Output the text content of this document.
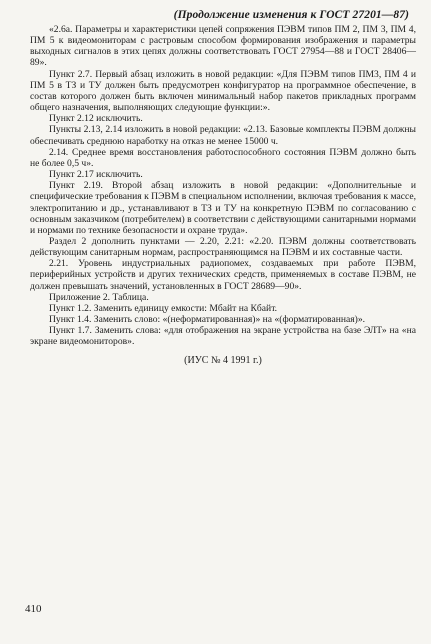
(Продолжение изменения к ГОСТ 27201—87)

«2.6а. Параметры и характеристики цепей сопряжения ПЭВМ типов ПМ 2, ПМ 3, ПМ 4, ПМ 5 к видеомониторам с растровым способом формирования изображения и параметры выходных сигналов в этих цепях должны соответствовать ГОСТ 27954—88 и ГОСТ 28406—89».

Пункт 2.7. Первый абзац изложить в новой редакции: «Для ПЭВМ типов ПМ3, ПМ 4 и ПМ 5 в ТЗ и ТУ должен быть предусмотрен конфигуратор на программное обеспечение, в состав которого должен быть включен минимальный набор пакетов прикладных программ общего назначения, выполняющих следующие функции:».

Пункт 2.12 исключить.

Пункты 2.13, 2.14 изложить в новой редакции: «2.13. Базовые комплекты ПЭВМ должны обеспечивать среднюю наработку на отказ не менее 15000 ч.

2.14. Среднее время восстановления работоспособного состояния ПЭВМ должно быть не более 0,5 ч».

Пункт 2.17 исключить.

Пункт 2.19. Второй абзац изложить в новой редакции: «Дополнительные и специфические требования к ПЭВМ в специальном исполнении, включая требования к массе, электропитанию и др., устанавливают в ТЗ и ТУ на конкретную ПЭВМ по согласованию с основным заказчиком (потребителем) в соответствии с действующими санитарными нормами и нормами по технике безопасности и охране труда».

Раздел 2 дополнить пунктами — 2.20, 2.21: «2.20. ПЭВМ должны соответствовать действующим санитарным нормам, распространяющимся на ПЭВМ и их составные части.

2.21. Уровень индустриальных радиопомех, создаваемых при работе ПЭВМ, периферийных устройств и других технических средств, применяемых в составе ПЭВМ, не должен превышать значений, установленных в ГОСТ 28689—90».

Приложение 2. Таблица.

Пункт 1.2. Заменить единицу емкости: Мбайт на Кбайт.

Пункт 1.4. Заменить слово: «(неформатированная)» на «(форматированная)».

Пункт 1.7. Заменить слова: «для отображения на экране устройства на базе ЭЛТ» на «на экране видеомониторов».

(ИУС № 4 1991 г.)

410
